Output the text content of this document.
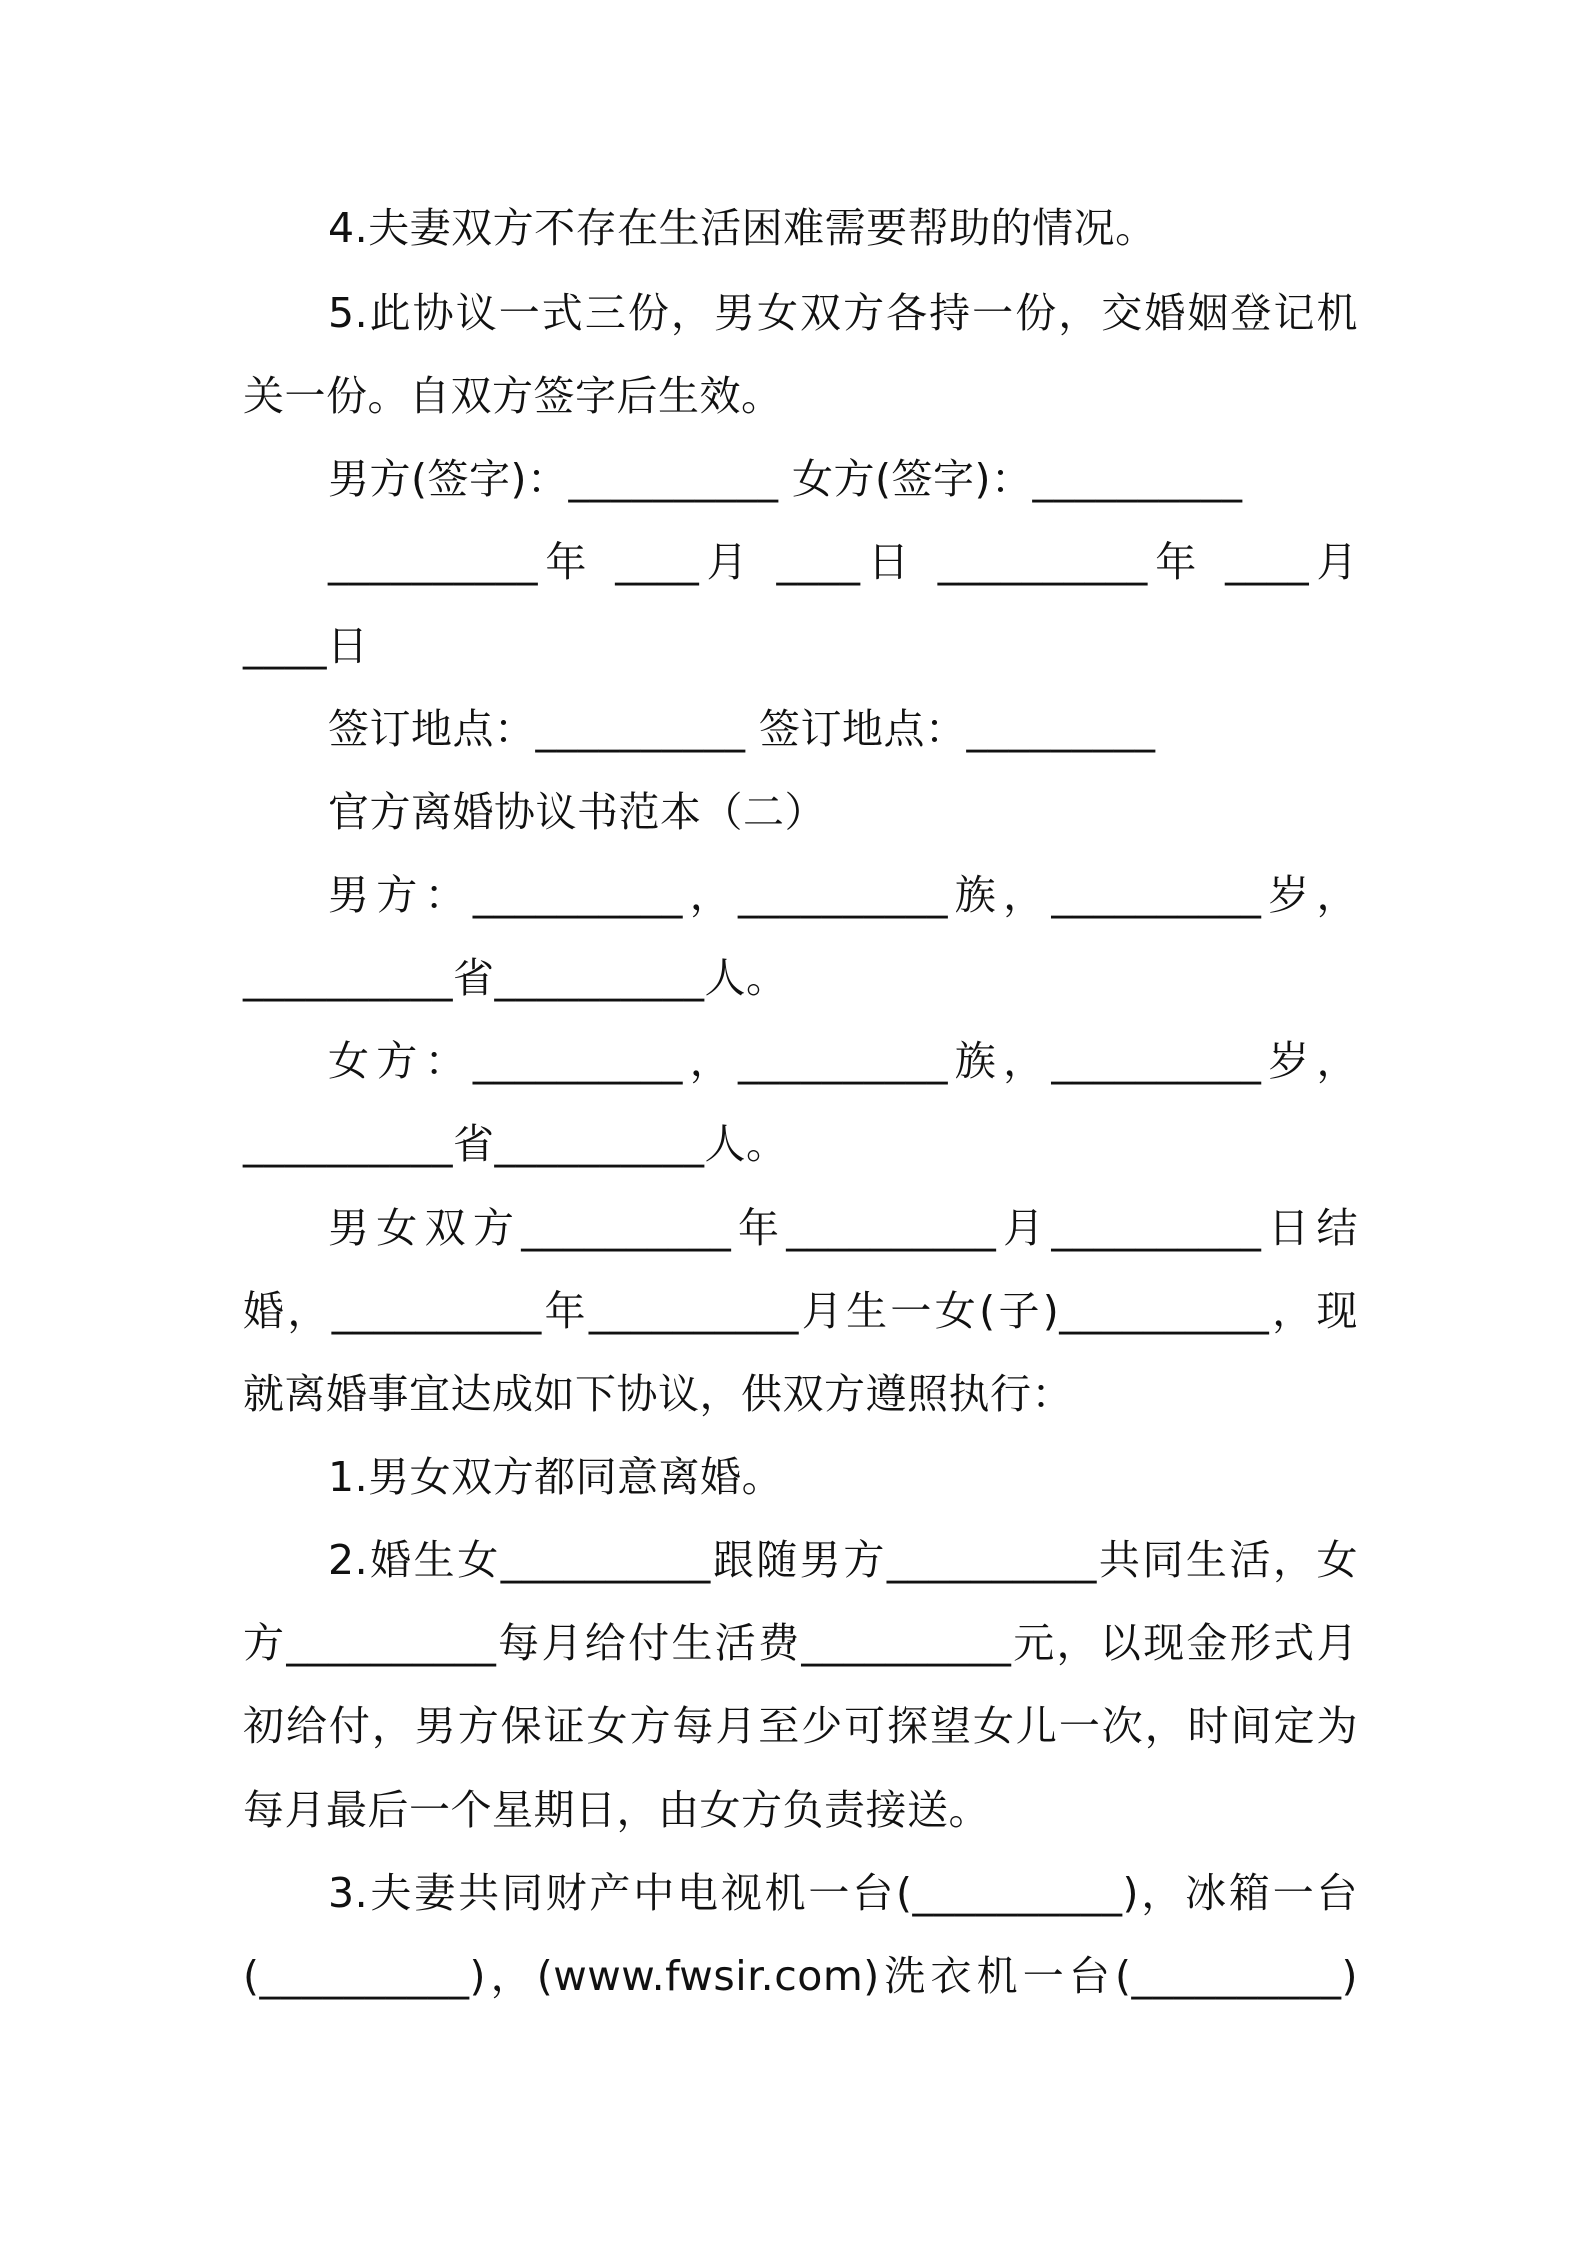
4.夫妻双方不存在生活困难需要帮助的情况。
5.此协议一式三份，男女双方各持一份，交婚姻登记机
关一份。自双方签字后生效。
男方(签字)：__________ 女方(签字)：__________
__________年 ____月 ____日 __________年 ____月
____日
签订地点：__________ 签订地点：_________
官方离婚协议书范本（二）
男方：__________，__________族，__________岁，
__________省__________人。
女方：__________，__________族，__________岁，
__________省__________人。
男女双方__________年__________月__________日结
婚，__________年__________月生一女(子)__________，现
就离婚事宜达成如下协议，供双方遵照执行：
1.男女双方都同意离婚。
2.婚生女__________跟随男方__________共同生活，女
方__________每月给付生活费__________元，以现金形式月
初给付，男方保证女方每月至少可探望女儿一次，时间定为
每月最后一个星期日，由女方负责接送。
3.夫妻共同财产中电视机一台(__________)，冰箱一台
(__________)，(www.fwsir.com)洗衣机一台(__________)
